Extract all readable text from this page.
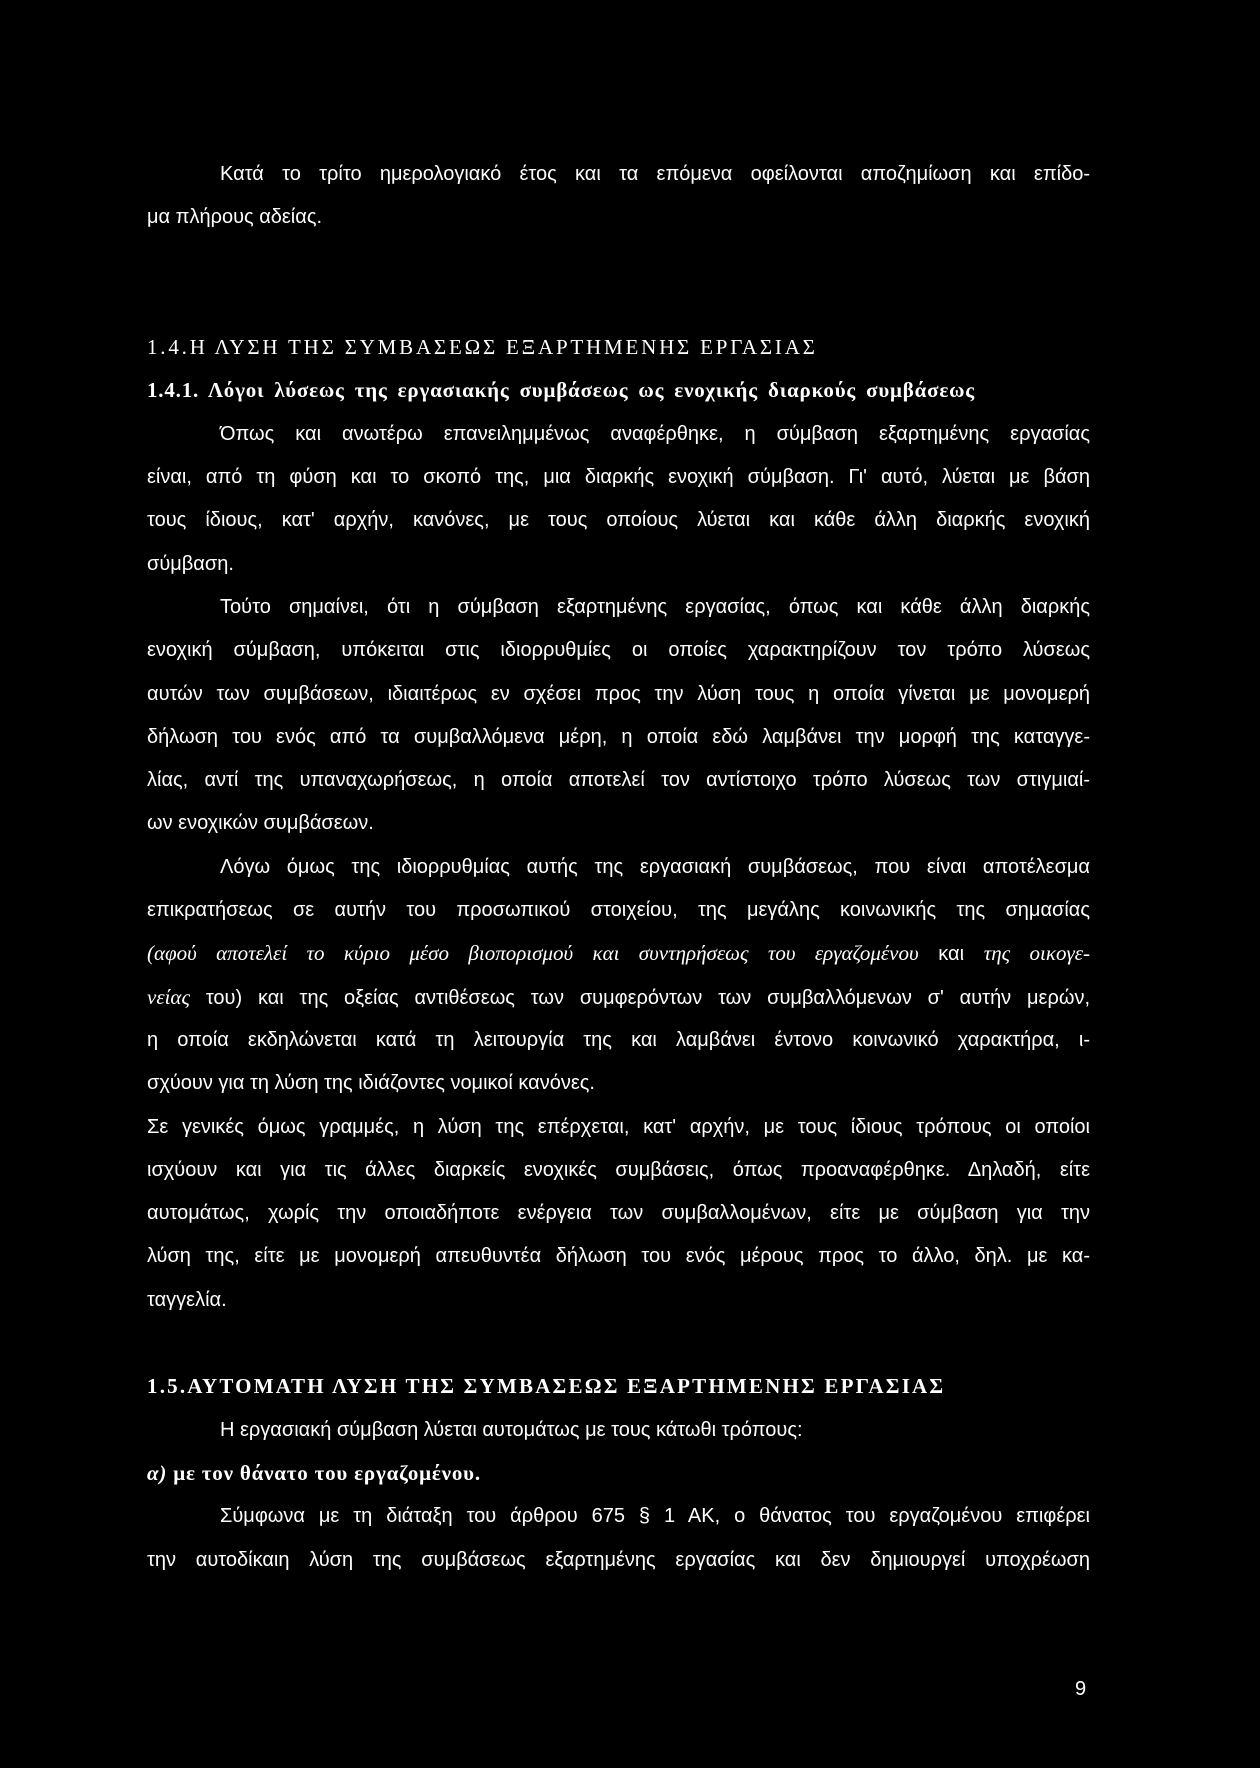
Κατά το τρίτο ημερολογιακό έτος και τα επόμενα οφείλονται αποζημίωση και επίδο-
μα πλήρους αδείας.
1.4.Η ΛΥΣΗ ΤΗΣ ΣΥΜΒΑΣΕΩΣ ΕΞΑΡΤΗΜΕΝΗΣ ΕΡΓΑΣΙΑΣ
1.4.1. Λόγοι λύσεως της εργασιακής συμβάσεως ως ενοχικής διαρκούς συμβάσεως
Όπως και ανωτέρω επανειλημμένως αναφέρθηκε, η σύμβαση εξαρτημένης εργασίας
είναι, από τη φύση και το σκοπό της, μια διαρκής ενοχική σύμβαση. Γι' αυτό, λύεται με βάση
τους ίδιους, κατ' αρχήν, κανόνες, με τους οποίους λύεται και κάθε άλλη διαρκής ενοχική
σύμβαση.
Τούτο σημαίνει, ότι η σύμβαση εξαρτημένης εργασίας, όπως και κάθε άλλη διαρκής
ενοχική σύμβαση, υπόκειται στις ιδιορρυθμίες οι οποίες χαρακτηρίζουν τον τρόπο λύσεως
αυτών των συμβάσεων, ιδιαιτέρως εν σχέσει προς την λύση τους η οποία γίνεται με μονομερή
δήλωση του ενός από τα συμβαλλόμενα μέρη, η οποία εδώ λαμβάνει την μορφή της καταγγε-
λίας, αντί της υπαναχωρήσεως, η οποία αποτελεί τον αντίστοιχο τρόπο λύσεως των στιγμιαί-
ων ενοχικών συμβάσεων.
Λόγω όμως της ιδιορρυθμίας αυτής της εργασιακή συμβάσεως, που είναι αποτέλεσμα
επικρατήσεως σε αυτήν του προσωπικού στοιχείου, της μεγάλης κοινωνικής της σημασίας
(αφού αποτελεί το κύριο μέσο βιοπορισμού και συντηρήσεως του εργαζομένου και της οικογε-
νείας του) και της οξείας αντιθέσεως των συμφερόντων των συμβαλλόμενων σ' αυτήν μερών,
η οποία εκδηλώνεται κατά τη λειτουργία της και λαμβάνει έντονο κοινωνικό χαρακτήρα, ι-
σχύουν για τη λύση της ιδιάζοντες νομικοί κανόνες.
Σε γενικές όμως γραμμές, η λύση της επέρχεται, κατ' αρχήν, με τους ίδιους τρόπους οι οποίοι
ισχύουν και για τις άλλες διαρκείς ενοχικές συμβάσεις, όπως προαναφέρθηκε. Δηλαδή, είτε
αυτομάτως, χωρίς την οποιαδήποτε ενέργεια των συμβαλλομένων, είτε με σύμβαση για την
λύση της, είτε με μονομερή απευθυντέα δήλωση του ενός μέρους προς το άλλο, δηλ. με κα-
ταγγελία.
1.5.ΑΥΤΟΜΑΤΗ ΛΥΣΗ ΤΗΣ ΣΥΜΒΑΣΕΩΣ ΕΞΑΡΤΗΜΕΝΗΣ ΕΡΓΑΣΙΑΣ
Η εργασιακή σύμβαση λύεται αυτομάτως με τους κάτωθι τρόπους:
α) με τον θάνατο του εργαζομένου.
Σύμφωνα με τη διάταξη του άρθρου 675 § 1 ΑΚ, ο θάνατος του εργαζομένου επιφέρει
την αυτοδίκαιη λύση της συμβάσεως εξαρτημένης εργασίας και δεν δημιουργεί υποχρέωση
9
